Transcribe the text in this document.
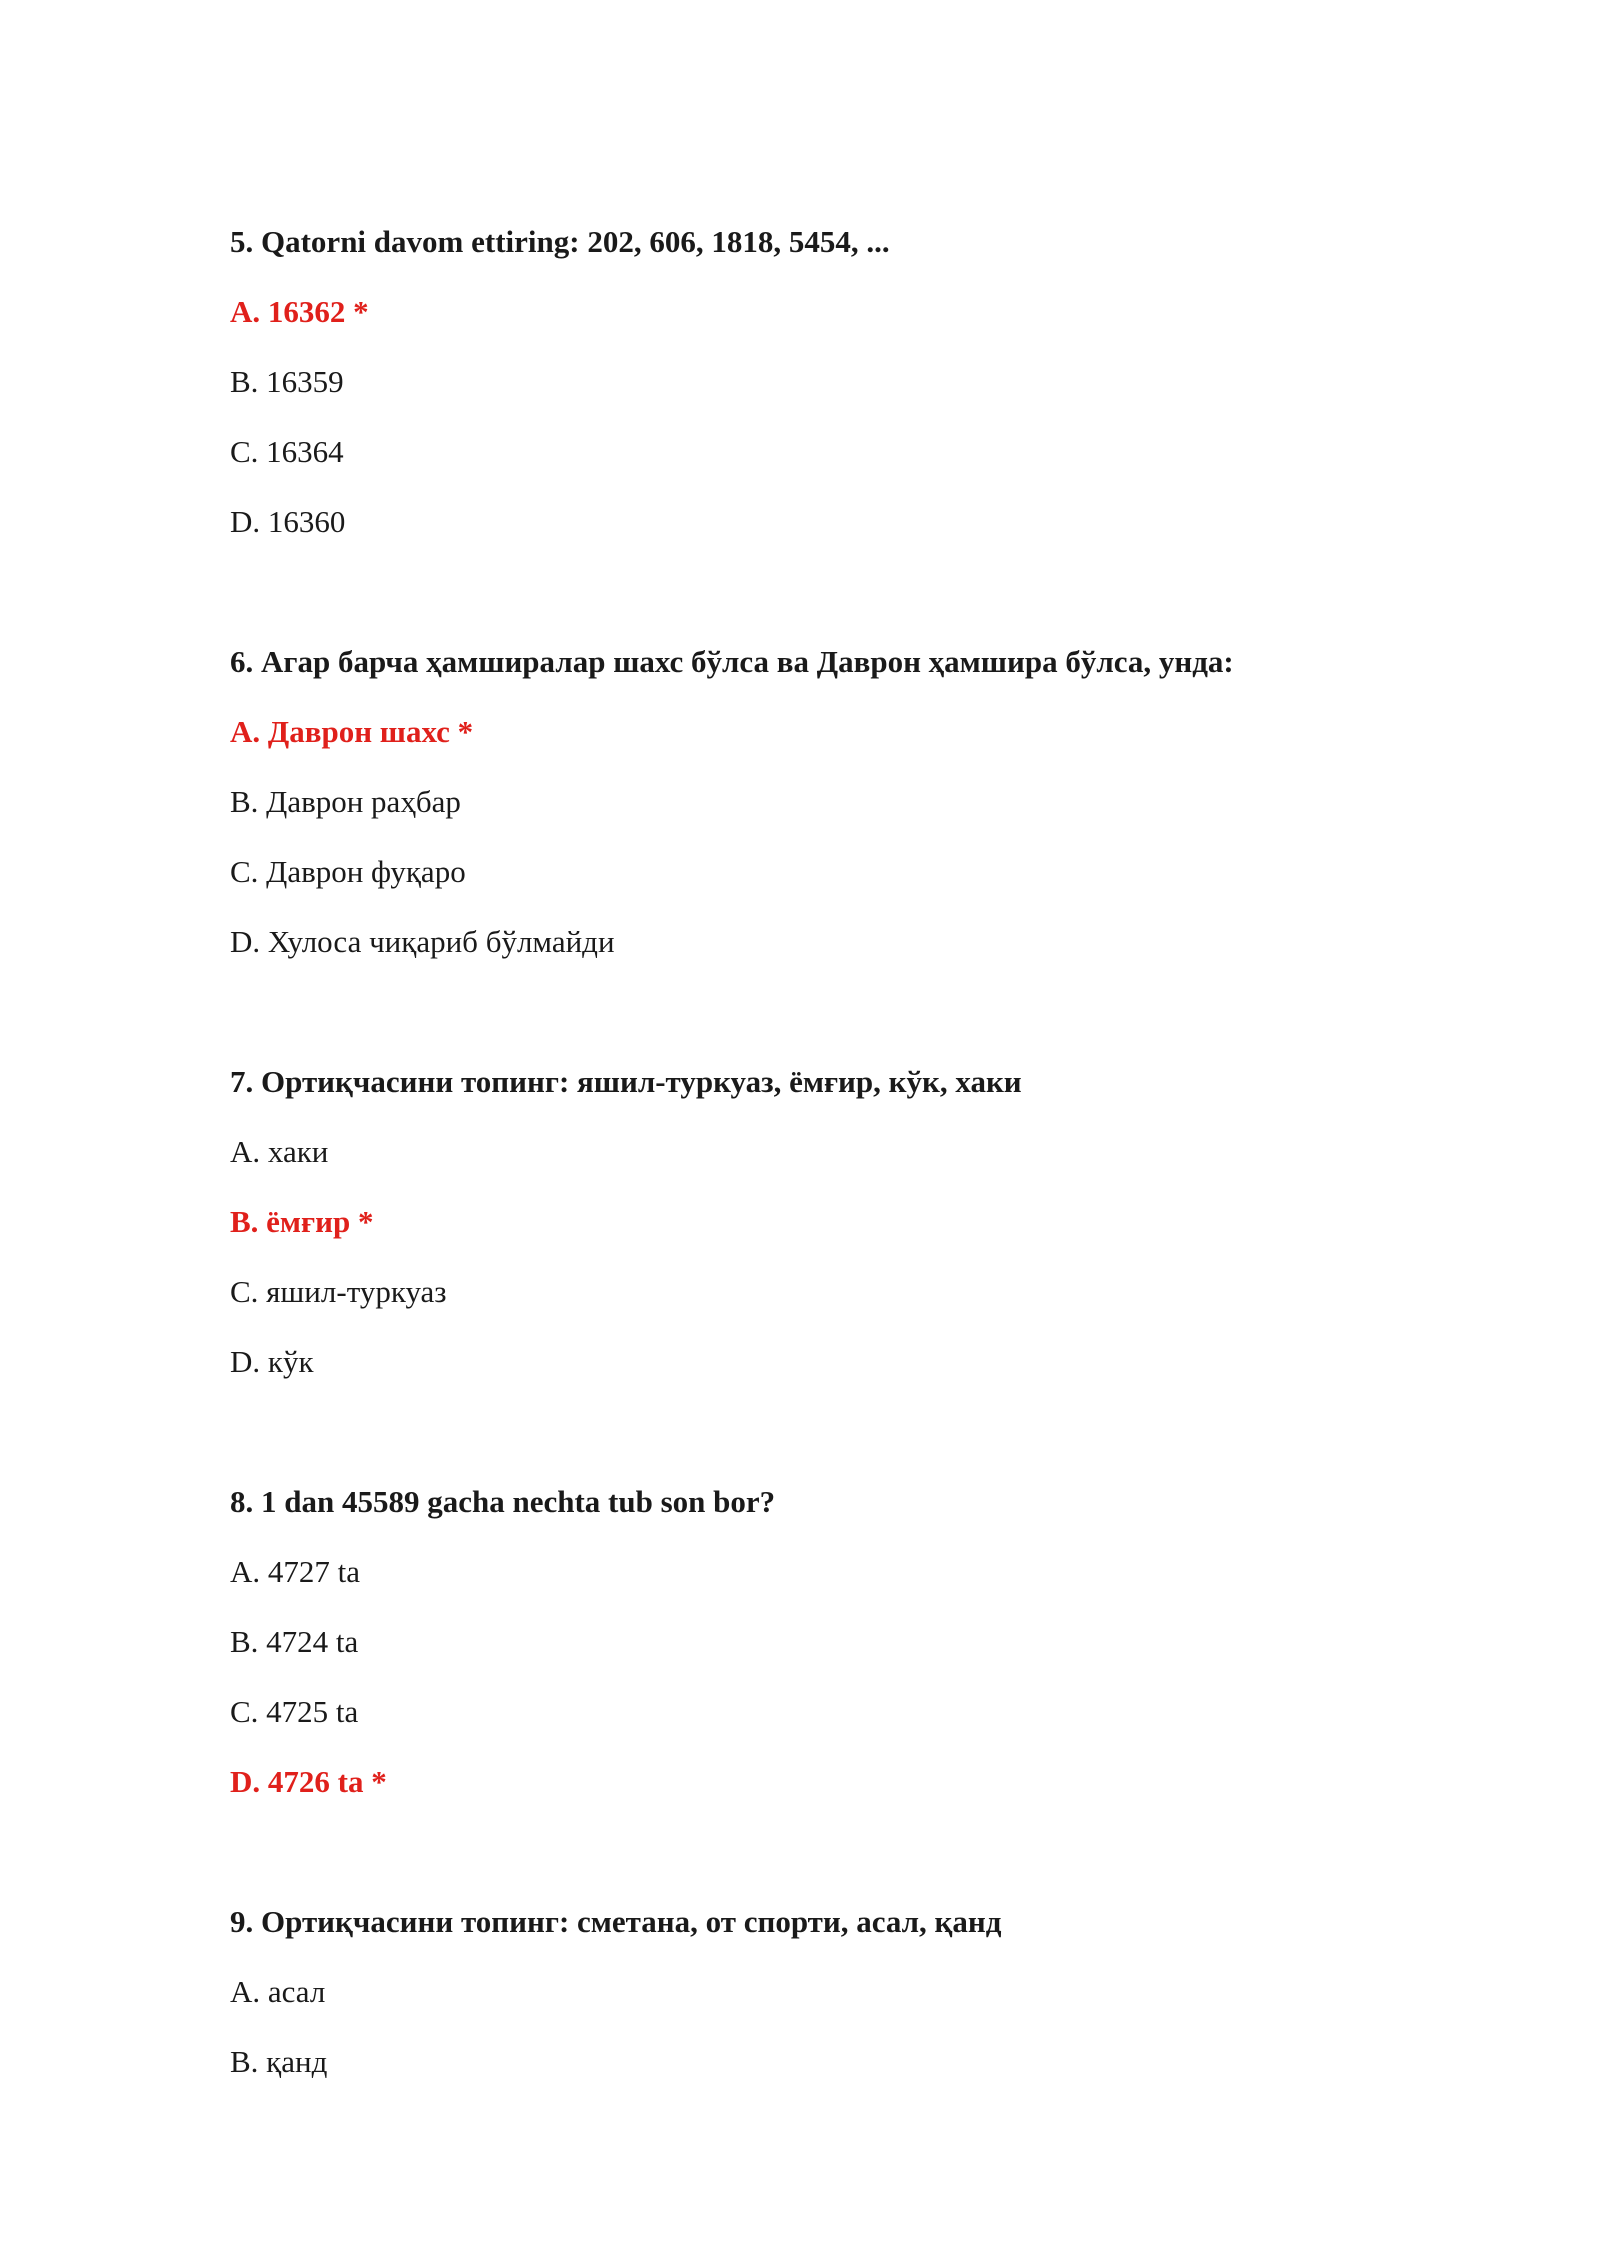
5. Qatorni davom ettiring: 202, 606, 1818, 5454, ...
A. 16362 *
B. 16359
C. 16364
D. 16360
6. Агар барча ҳамширалар шахс бўлса ва Даврон ҳамшира бўлса, унда:
A. Даврон шахс *
B. Даврон раҳбар
C. Даврон фуқаро
D. Хулоса чиқариб бўлмайди
7. Ортиқчасини топинг: яшил-туркуаз, ёмғир, кўк, хаки
A. хаки
B. ёмғир *
C. яшил-туркуаз
D. кўк
8. 1 dan 45589 gacha nechta tub son bor?
A. 4727 ta
B. 4724 ta
C. 4725 ta
D. 4726 ta *
9. Ортиқчасини топинг: сметана, от спорти, асал, қанд
A. асал
B. қанд
